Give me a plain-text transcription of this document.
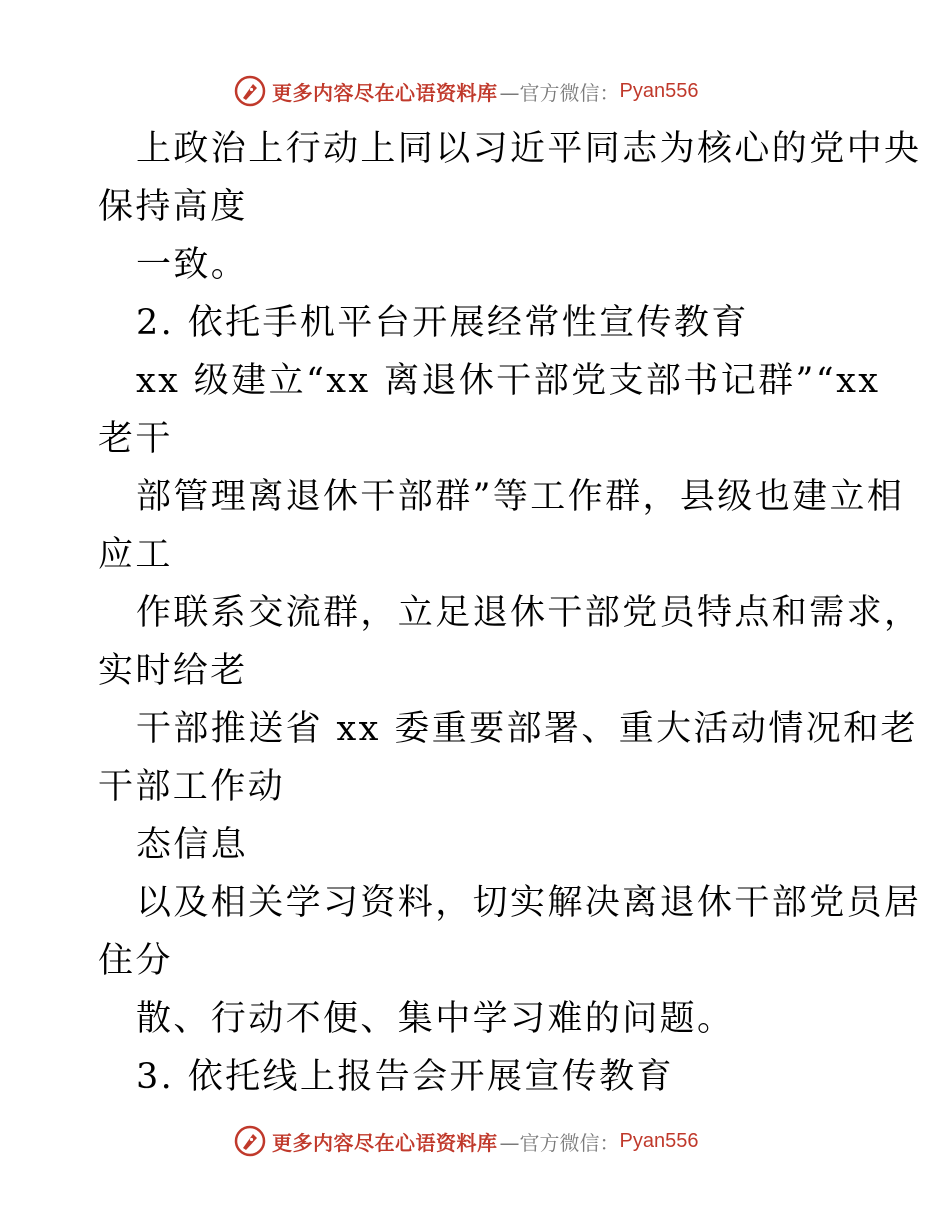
更多内容尽在心语资料库 —官方微信： Pyan556
上政治上行动上同以习近平同志为核心的党中央
保持高度
一致。
2. 依托手机平台开展经常性宣传教育
xx 级建立“xx 离退休干部党支部书记群”“xx
老干
部管理离退休干部群”等工作群，县级也建立相
应工
作联系交流群，立足退休干部党员特点和需求，
实时给老
干部推送省 xx 委重要部署、重大活动情况和老
干部工作动
态信息
以及相关学习资料，切实解决离退休干部党员居
住分
散、行动不便、集中学习难的问题。
3. 依托线上报告会开展宣传教育
更多内容尽在心语资料库 —官方微信： Pyan556
